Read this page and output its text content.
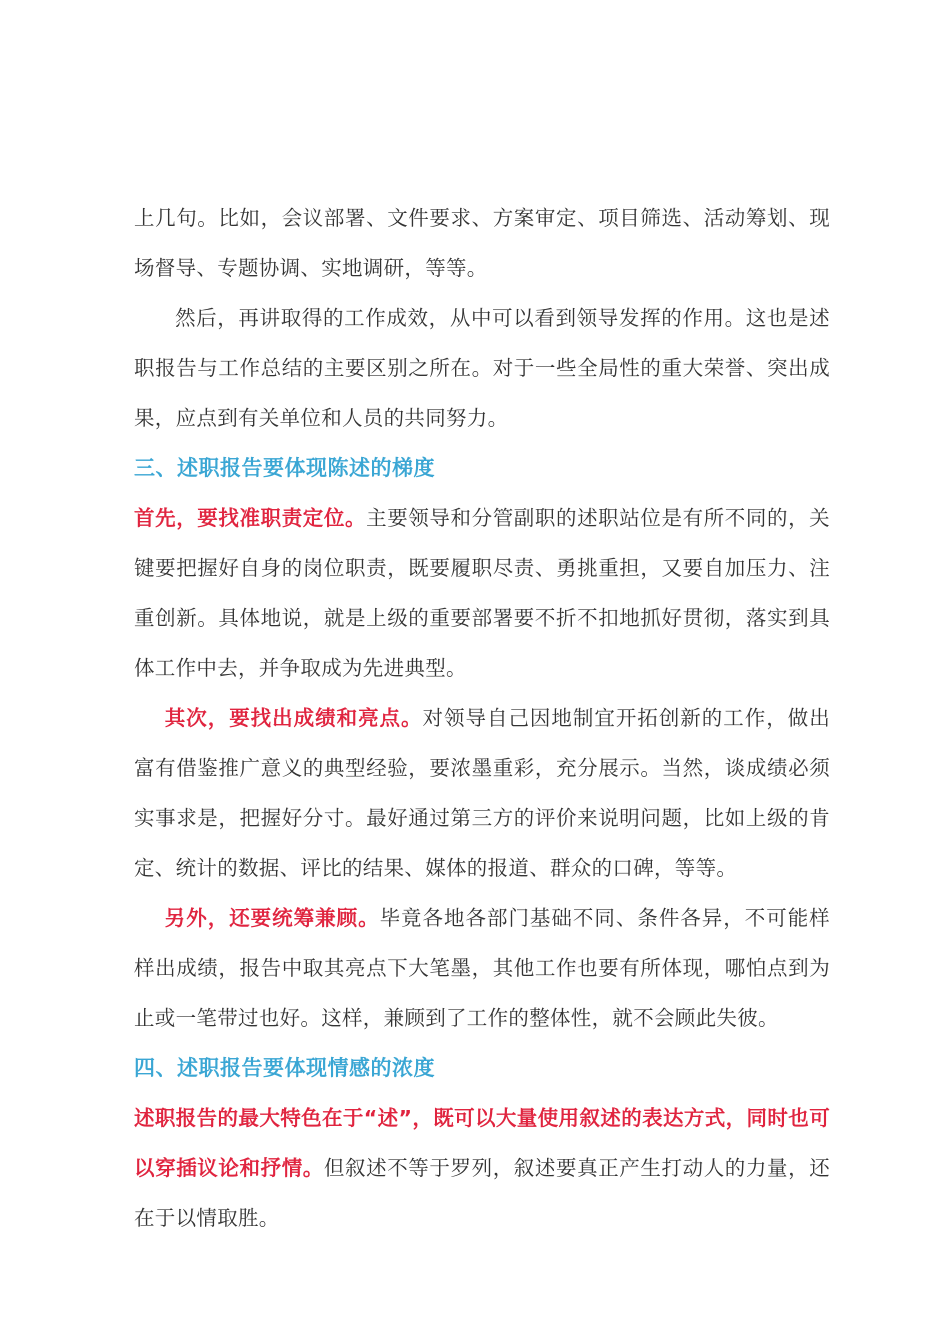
上几句。比如，会议部署、文件要求、方案审定、项目筛选、活动筹划、现场督导、专题协调、实地调研，等等。

然后，再讲取得的工作成效，从中可以看到领导发挥的作用。这也是述职报告与工作总结的主要区别之所在。对于一些全局性的重大荣誉、突出成果，应点到有关单位和人员的共同努力。

三、述职报告要体现陈述的梯度

首先，要找准职责定位。主要领导和分管副职的述职站位是有所不同的，关键要把握好自身的岗位职责，既要履职尽责、勇挑重担，又要自加压力、注重创新。具体地说，就是上级的重要部署要不折不扣地抓好贯彻，落实到具体工作中去，并争取成为先进典型。

其次，要找出成绩和亮点。对领导自己因地制宜开拓创新的工作，做出富有借鉴推广意义的典型经验，要浓墨重彩，充分展示。当然，谈成绩必须实事求是，把握好分寸。最好通过第三方的评价来说明问题，比如上级的肯定、统计的数据、评比的结果、媒体的报道、群众的口碑，等等。

另外，还要统筹兼顾。毕竟各地各部门基础不同、条件各异，不可能样样出成绩，报告中取其亮点下大笔墨，其他工作也要有所体现，哪怕点到为止或一笔带过也好。这样，兼顾到了工作的整体性，就不会顾此失彼。

四、述职报告要体现情感的浓度

述职报告的最大特色在于“述”，既可以大量使用叙述的表达方式，同时也可以穿插议论和抒情。但叙述不等于罗列，叙述要真正产生打动人的力量，还在于以情取胜。
